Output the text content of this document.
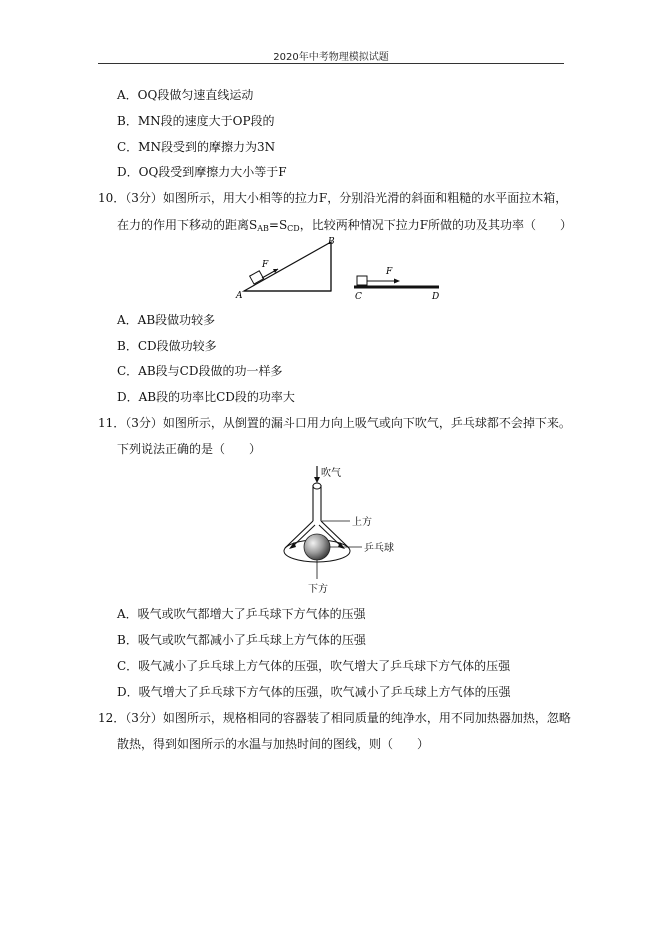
2020年中考物理模拟试题
A．OQ段做匀速直线运动
B．MN段的速度大于OP段的
C．MN段受到的摩擦力为3N
D．OQ段受到摩擦力大小等于F
10．（3分）如图所示，用大小相等的拉力F，分别沿光滑的斜面和粗糙的水平面拉木箱，
在力的作用下移动的距离$S_{AB}=S_{CD}$，比较两种情况下拉力F所做的功及其功率（　　）
F
A
B
F
C	D
A．AB段做功较多
B．CD段做功较多
C．AB段与CD段做的功一样多
D．AB段的功率比CD段的功率大
11．（3分）如图所示，从倒置的漏斗口用力向上吸气或向下吹气，乒乓球都不会掉下来。
下列说法正确的是（　　）
吹气
上方
乒乓球
下方
A．吸气或吹气都增大了乒乓球下方气体的压强
B．吸气或吹气都减小了乒乓球上方气体的压强
C．吸气减小了乒乓球上方气体的压强，吹气增大了乒乓球下方气体的压强
D．吸气增大了乒乓球下方气体的压强，吹气减小了乒乓球上方气体的压强
12．（3分）如图所示，规格相同的容器装了相同质量的纯净水，用不同加热器加热，忽略
散热，得到如图所示的水温与加热时间的图线，则（　　）
